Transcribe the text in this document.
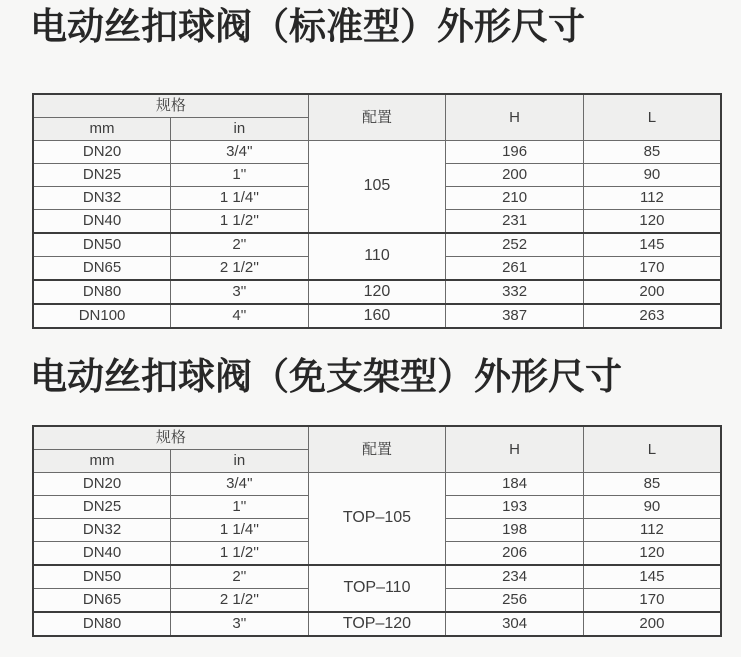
电动丝扣球阀（标准型）外形尺寸
规格		配置	H	L
mm	in			
DN20	3/4''	105	196	85
DN25	1''		200	90
DN32	1 1/4''		210	112
DN40	1 1/2''		231	120
DN50	2''	110	252	145
DN65	2 1/2''		261	170
DN80	3''	120	332	200
DN100	4''	160	387	263
电动丝扣球阀（免支架型）外形尺寸
规格		配置	H	L
mm	in			
DN20	3/4''	TOP–105	184	85
DN25	1''		193	90
DN32	1 1/4''		198	112
DN40	1 1/2''		206	120
DN50	2''	TOP–110	234	145
DN65	2 1/2''		256	170
DN80	3''	TOP–120	304	200
